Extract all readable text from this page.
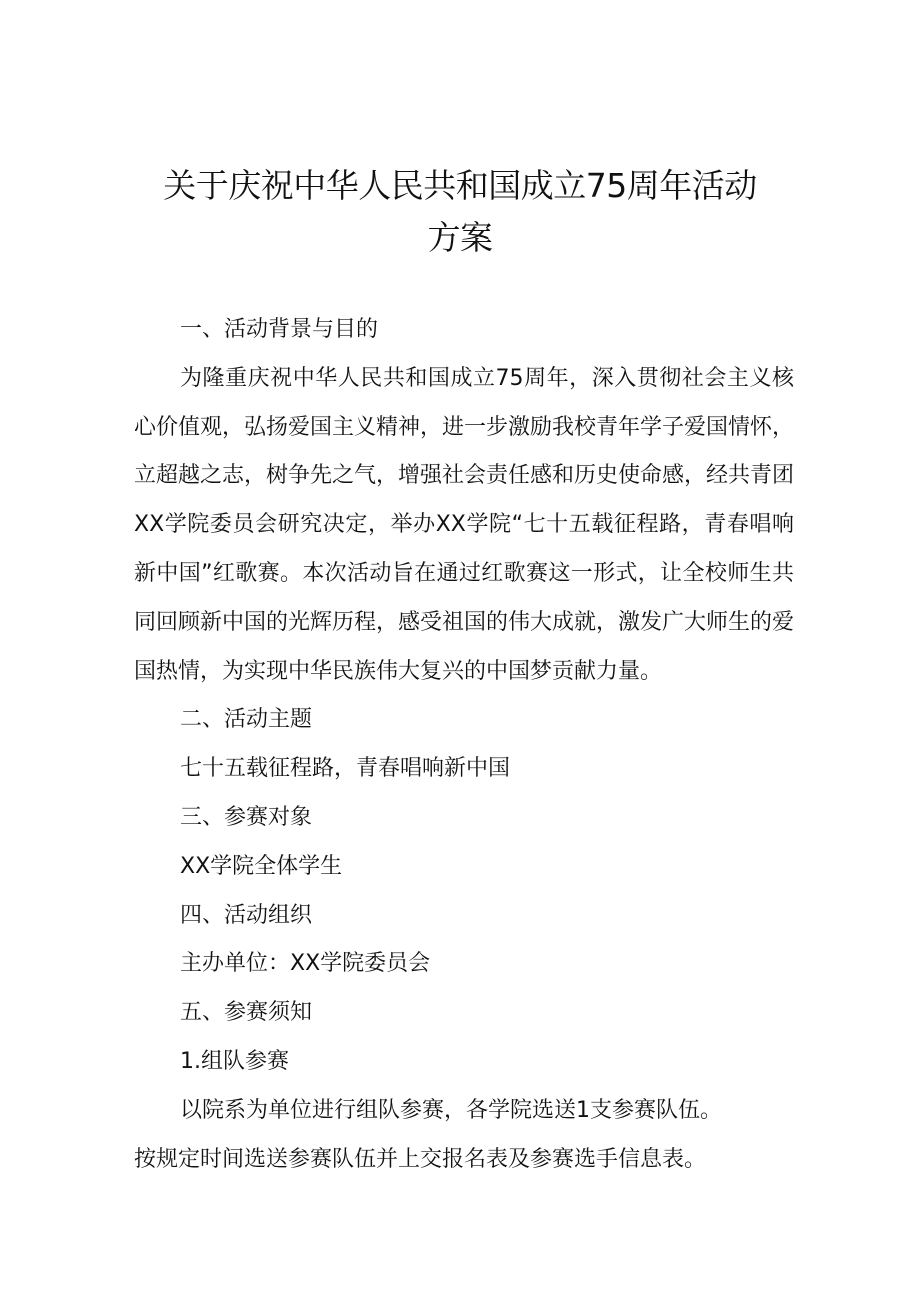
关于庆祝中华人民共和国成立75周年活动
方案

一、活动背景与目的

为隆重庆祝中华人民共和国成立75周年，深入贯彻社会主义核心价值观，弘扬爱国主义精神，进一步激励我校青年学子爱国情怀，立超越之志，树争先之气，增强社会责任感和历史使命感，经共青团XX学院委员会研究决定，举办XX学院“七十五载征程路，青春唱响新中国”红歌赛。本次活动旨在通过红歌赛这一形式，让全校师生共同回顾新中国的光辉历程，感受祖国的伟大成就，激发广大师生的爱国热情，为实现中华民族伟大复兴的中国梦贡献力量。

二、活动主题

七十五载征程路，青春唱响新中国

三、参赛对象

XX学院全体学生

四、活动组织

主办单位：XX学院委员会

五、参赛须知

1.组队参赛

以院系为单位进行组队参赛，各学院选送1支参赛队伍。

按规定时间选送参赛队伍并上交报名表及参赛选手信息表。
